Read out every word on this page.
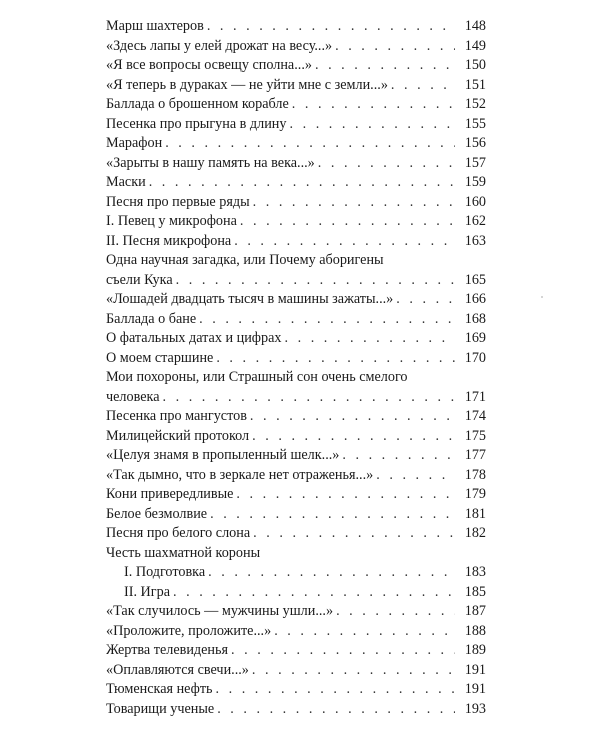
Марш шахтеров . . .	148
«Здесь лапы у елей дрожат на весу...» . . .	149
«Я все вопросы освещу сполна...» . . .	150
«Я теперь в дураках — не уйти мне с земли...» . . .	151
Баллада о брошенном корабле . . .	152
Песенка про прыгуна в длину . . .	155
Марафон . . .	156
«Зарыты в нашу память на века...» . . .	157
Маски . . .	159
Песня про первые ряды . . .	160
I. Певец у микрофона . . .	162
II. Песня микрофона . . .	163
Одна научная загадка, или Почему аборигены
съели Кука . . .	165
«Лошадей двадцать тысяч в машины зажаты...» . . .	166
Баллада о бане . . .	168
О фатальных датах и цифрах . . .	169
О моем старшине . . .	170
Мои похороны, или Страшный сон очень смелого
человека . . .	171
Песенка про мангустов . . .	174
Милицейский протокол . . .	175
«Целуя знамя в пропыленный шелк...» . . .	177
«Так дымно, что в зеркале нет отраженья...» . . .	178
Кони привередливые . . .	179
Белое безмолвие . . .	181
Песня про белого слона . . .	182
Честь шахматной короны
I. Подготовка . . .	183
II. Игра . . .	185
«Так случилось — мужчины ушли...» . . .	187
«Проложите, проложите...» . . .	188
Жертва телевиденья . . .	189
«Оплавляются свечи...» . . .	191
Тюменская нефть . . .	191
Товарищи ученые . . .	193
